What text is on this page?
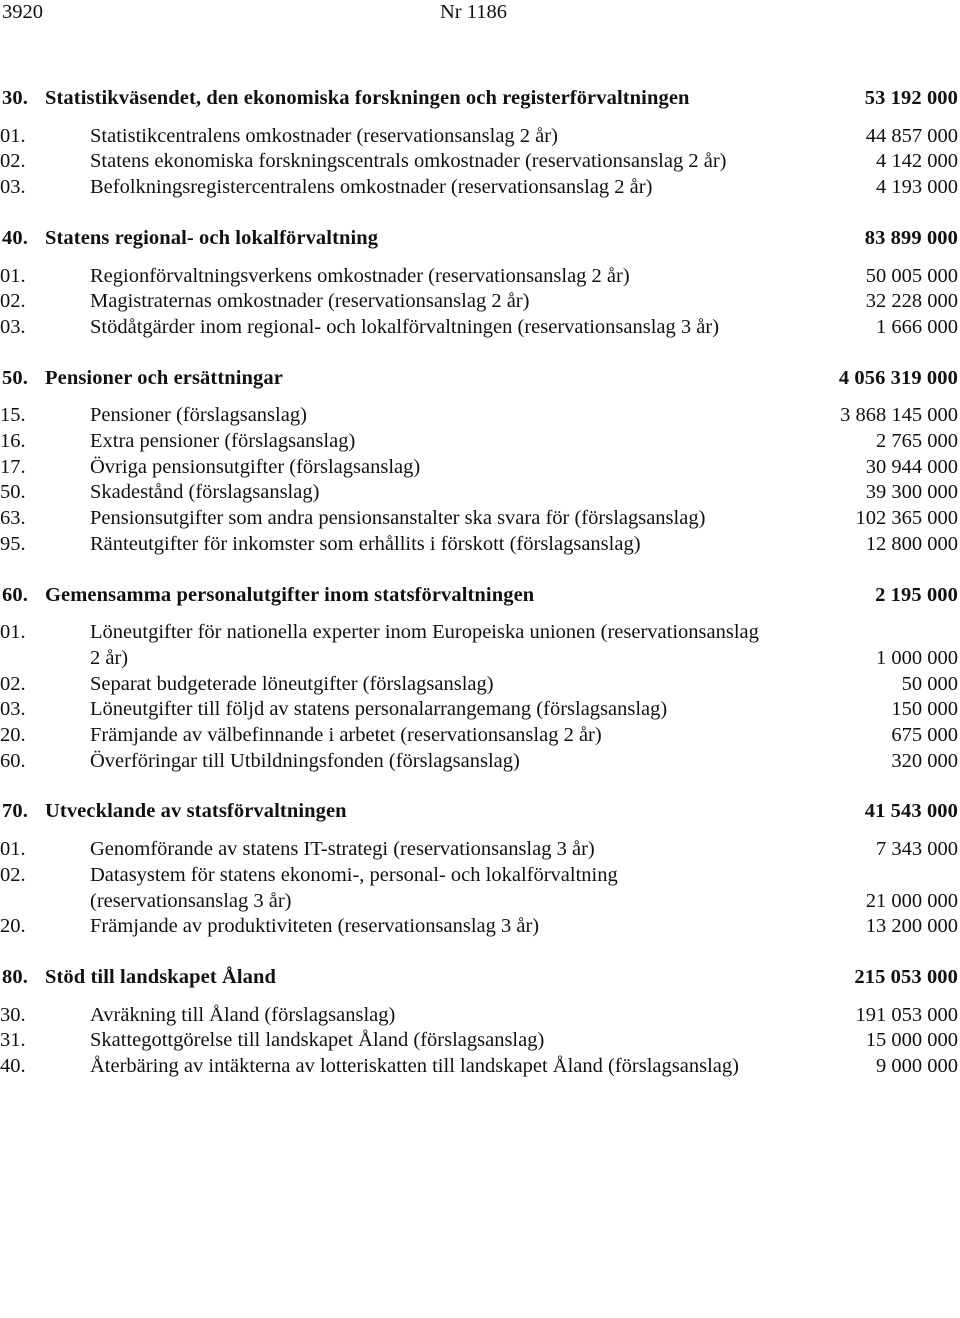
3920	Nr 1186
30. Statistikväsendet, den ekonomiska forskningen och registerförvaltningen	53 192 000
01.	Statistikcentralens omkostnader (reservationsanslag 2 år)	44 857 000
02.	Statens ekonomiska forskningscentrals omkostnader (reservationsanslag 2 år)	4 142 000
03.	Befolkningsregistercentralens omkostnader (reservationsanslag 2 år)	4 193 000
40. Statens regional- och lokalförvaltning	83 899 000
01.	Regionförvaltningsverkens omkostnader (reservationsanslag 2 år)	50 005 000
02.	Magistraternas omkostnader (reservationsanslag 2 år)	32 228 000
03.	Stödåtgärder inom regional- och lokalförvaltningen (reservationsanslag 3 år)	1 666 000
50. Pensioner och ersättningar	4 056 319 000
15.	Pensioner (förslagsanslag)	3 868 145 000
16.	Extra pensioner (förslagsanslag)	2 765 000
17.	Övriga pensionsutgifter (förslagsanslag)	30 944 000
50.	Skadestånd (förslagsanslag)	39 300 000
63.	Pensionsutgifter som andra pensionsanstalter ska svara för (förslagsanslag)	102 365 000
95.	Ränteutgifter för inkomster som erhållits i förskott (förslagsanslag)	12 800 000
60. Gemensamma personalutgifter inom statsförvaltningen	2 195 000
01.	Löneutgifter för nationella experter inom Europeiska unionen (reservationsanslag 2 år)	1 000 000
02.	Separat budgeterade löneutgifter (förslagsanslag)	50 000
03.	Löneutgifter till följd av statens personalarrangemang (förslagsanslag)	150 000
20.	Främjande av välbefinnande i arbetet (reservationsanslag 2 år)	675 000
60.	Överföringar till Utbildningsfonden (förslagsanslag)	320 000
70. Utvecklande av statsförvaltningen	41 543 000
01.	Genomförande av statens IT-strategi (reservationsanslag 3 år)	7 343 000
02.	Datasystem för statens ekonomi-, personal- och lokalförvaltning (reservationsanslag 3 år)	21 000 000
20.	Främjande av produktiviteten (reservationsanslag 3 år)	13 200 000
80. Stöd till landskapet Åland	215 053 000
30.	Avräkning till Åland (förslagsanslag)	191 053 000
31.	Skattegottgörelse till landskapet Åland (förslagsanslag)	15 000 000
40.	Återbäring av intäkterna av lotteriskatten till landskapet Åland (förslagsanslag)	9 000 000
